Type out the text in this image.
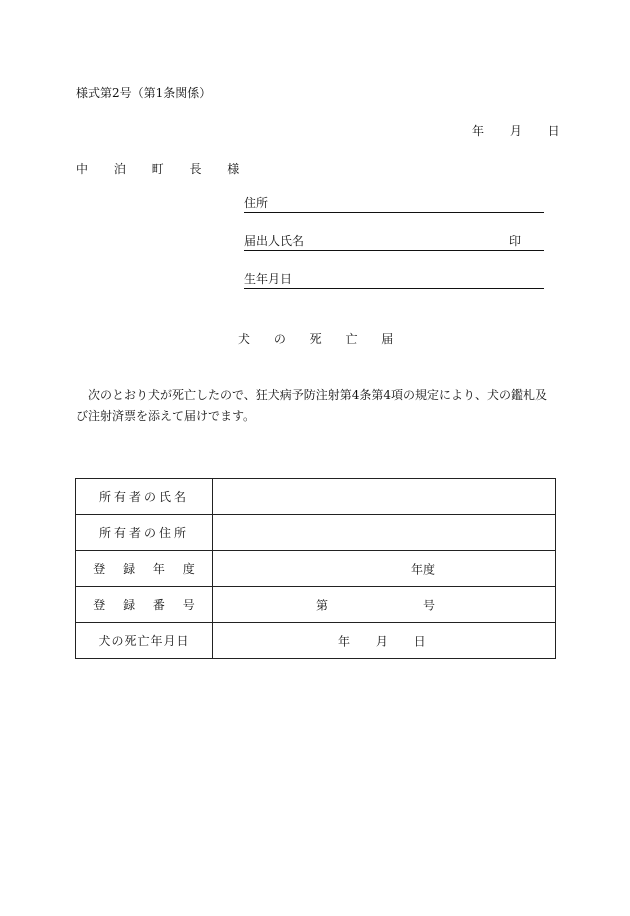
様式第2号（第1条関係）
年 月 日
中 泊 町 長 様
住所
届出人氏名	印
生年月日
犬 の 死 亡 届
次のとおり犬が死亡したので、狂犬病予防注射第4条第4項の規定により、犬の鑑札及び注射済票を添えて届けでます。
所有者の氏名	
所有者の住所	
登 録 年 度	年度

登 録 番 号	第 号

犬の死亡年月日	年 月 日
